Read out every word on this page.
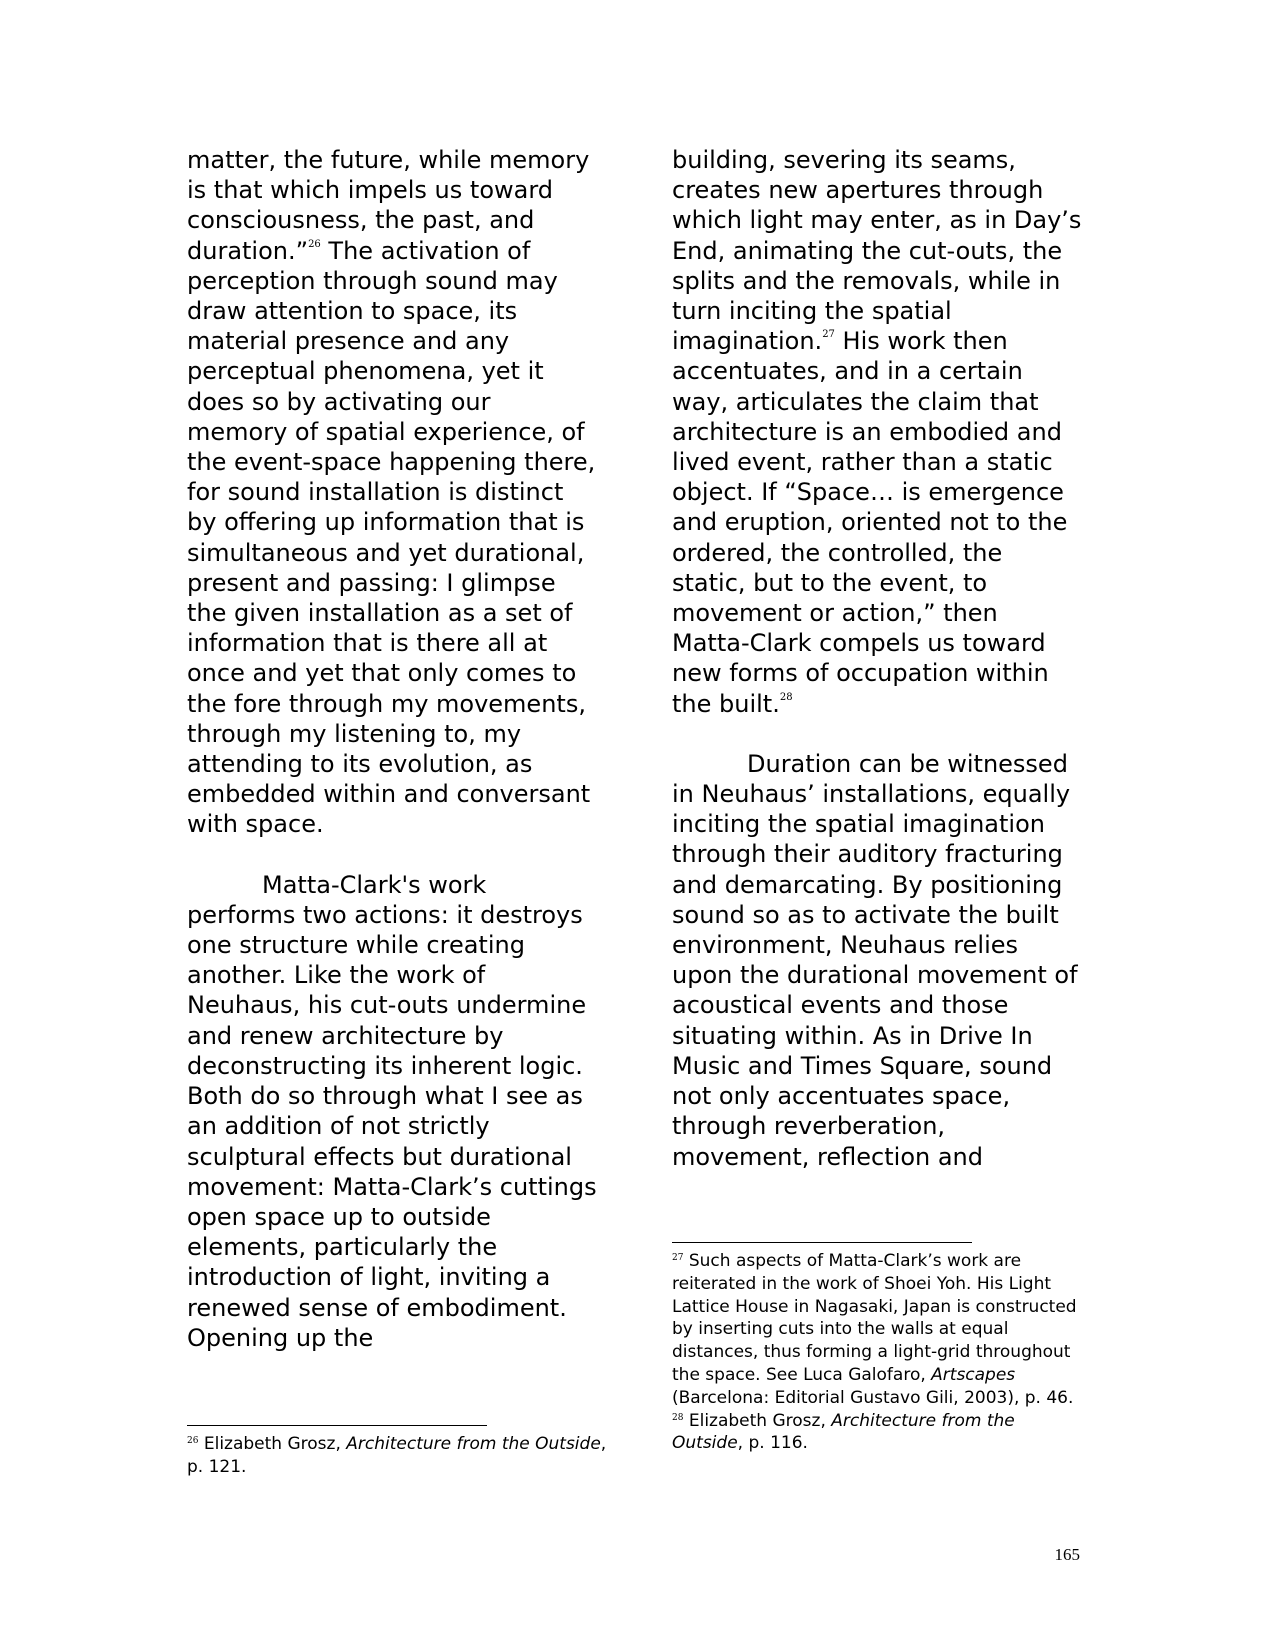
matter, the future, while memory is that which impels us toward consciousness, the past, and duration.”$^{26}$ The activation of perception through sound may draw attention to space, its material presence and any perceptual phenomena, yet it does so by activating our memory of spatial experience, of the event-space happening there, for sound installation is distinct by offering up information that is simultaneous and yet durational, present and passing: I glimpse the given installation as a set of information that is there all at once and yet that only comes to the fore through my movements, through my listening to, my attending to its evolution, as embedded within and conversant with space.

Matta-Clark's work performs two actions: it destroys one structure while creating another. Like the work of Neuhaus, his cut-outs undermine and renew architecture by deconstructing its inherent logic. Both do so through what I see as an addition of not strictly sculptural effects but durational movement: Matta-Clark’s cuttings open space up to outside elements, particularly the introduction of light, inviting a renewed sense of embodiment. Opening up the

$^{26}$ Elizabeth Grosz, Architecture from the Outside, p. 121.

building, severing its seams, creates new apertures through which light may enter, as in Day’s End, animating the cut-outs, the splits and the removals, while in turn inciting the spatial imagination.$^{27}$ His work then accentuates, and in a certain way, articulates the claim that architecture is an embodied and lived event, rather than a static object. If “Space… is emergence and eruption, oriented not to the ordered, the controlled, the static, but to the event, to movement or action,” then Matta-Clark compels us toward new forms of occupation within the built.$^{28}$

Duration can be witnessed in Neuhaus’ installations, equally inciting the spatial imagination through their auditory fracturing and demarcating. By positioning sound so as to activate the built environment, Neuhaus relies upon the durational movement of acoustical events and those situating within. As in Drive In Music and Times Square, sound not only accentuates space, through reverberation, movement, reflection and

$^{27}$ Such aspects of Matta-Clark’s work are reiterated in the work of Shoei Yoh. His Light Lattice House in Nagasaki, Japan is constructed by inserting cuts into the walls at equal distances, thus forming a light-grid throughout the space. See Luca Galofaro, Artscapes (Barcelona: Editorial Gustavo Gili, 2003), p. 46.

$^{28}$ Elizabeth Grosz, Architecture from the Outside, p. 116.

165
